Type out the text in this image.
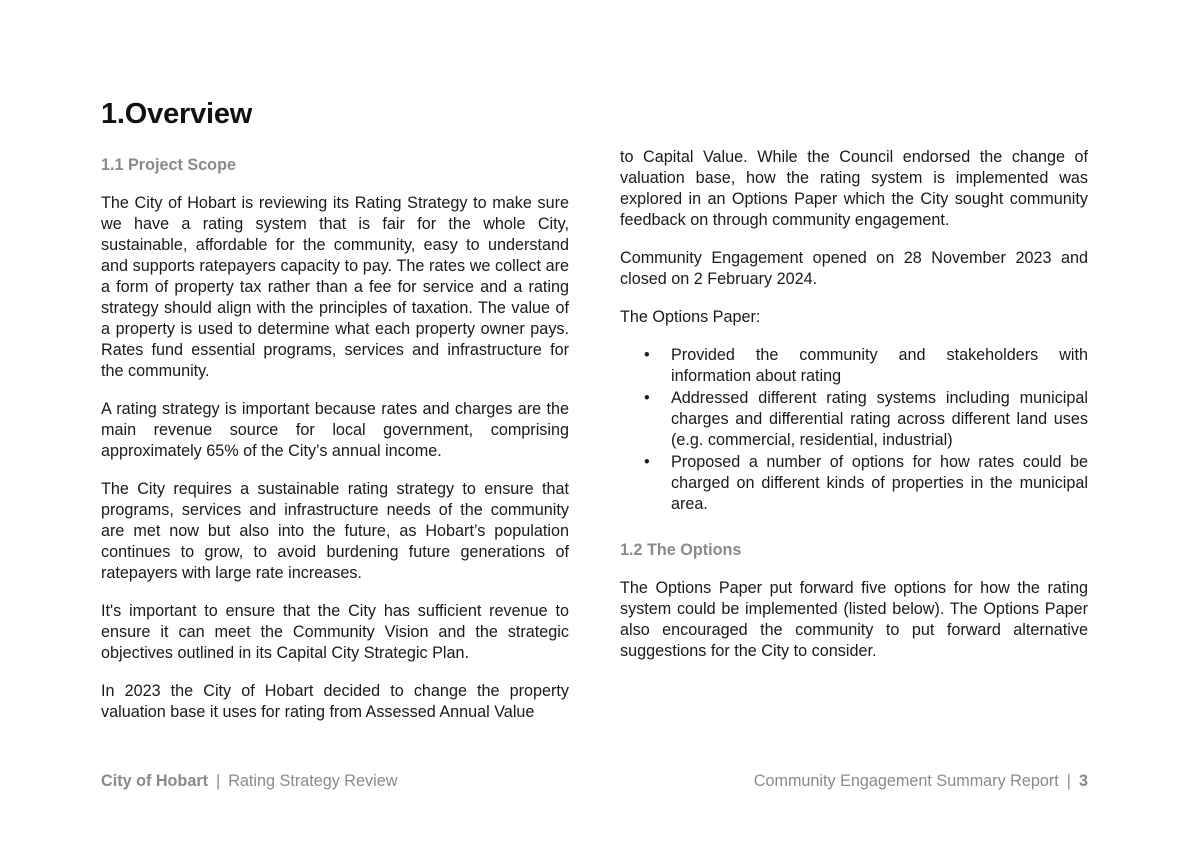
1.Overview
1.1 Project Scope

The City of Hobart is reviewing its Rating Strategy to make sure we have a rating system that is fair for the whole City, sustainable, affordable for the community, easy to understand and supports ratepayers capacity to pay. The rates we collect are a form of property tax rather than a fee for service and a rating strategy should align with the principles of taxation. The value of a property is used to determine what each property owner pays. Rates fund essential programs, services and infrastructure for the community.

A rating strategy is important because rates and charges are the main revenue source for local government, comprising approximately 65% of the City’s annual income.

The City requires a sustainable rating strategy to ensure that programs, services and infrastructure needs of the community are met now but also into the future, as Hobart’s population continues to grow, to avoid burdening future generations of ratepayers with large rate increases.

It's important to ensure that the City has sufficient revenue to ensure it can meet the Community Vision and the strategic objectives outlined in its Capital City Strategic Plan.

In 2023 the City of Hobart decided to change the property valuation base it uses for rating from Assessed Annual Value

to Capital Value. While the Council endorsed the change of valuation base, how the rating system is implemented was explored in an Options Paper which the City sought community feedback on through community engagement.

Community Engagement opened on 28 November 2023 and closed on 2 February 2024.

The Options Paper:

• Provided the community and stakeholders with information about rating
• Addressed different rating systems including municipal charges and differential rating across different land uses (e.g. commercial, residential, industrial)
• Proposed a number of options for how rates could be charged on different kinds of properties in the municipal area.
1.2 The Options

The Options Paper put forward five options for how the rating system could be implemented (listed below). The Options Paper also encouraged the community to put forward alternative suggestions for the City to consider.

City of Hobart | Rating Strategy Review	Community Engagement Summary Report | 3
